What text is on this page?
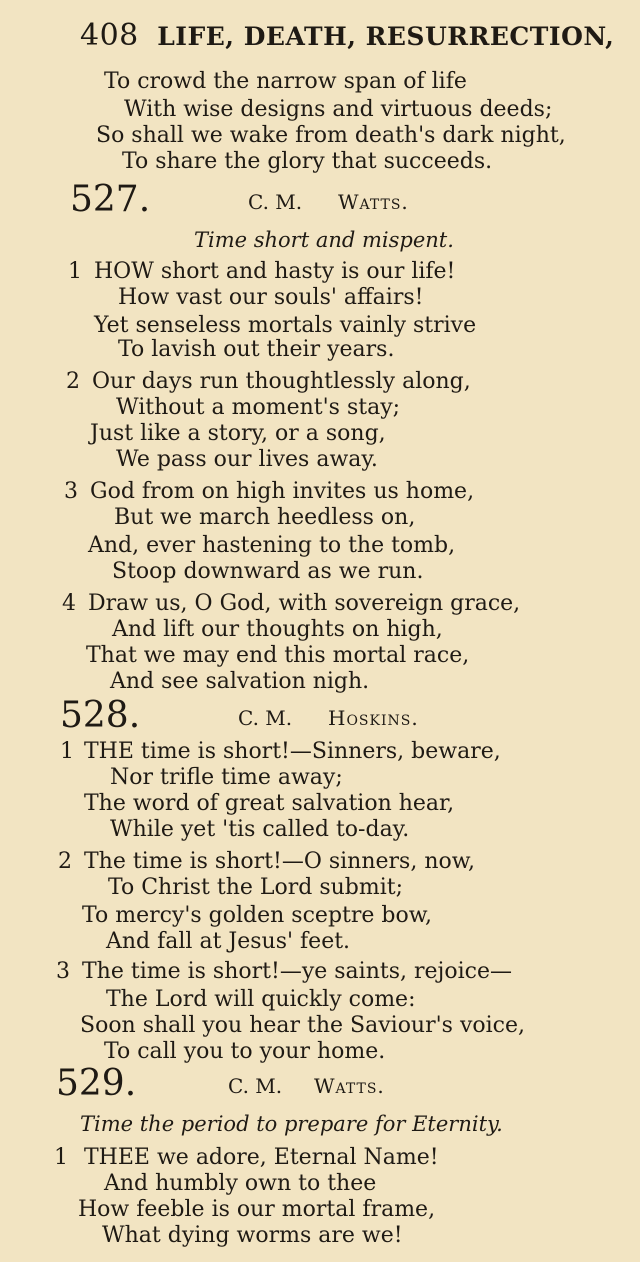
408 LIFE, DEATH, RESURRECTION,
To crowd the narrow span of life
With wise designs and virtuous deeds;
So shall we wake from death's dark night,
To share the glory that succeeds.
527.	C. M. Watts.
Time short and mispent.
1 HOW short and hasty is our life!
How vast our souls' affairs!
Yet senseless mortals vainly strive
To lavish out their years.
2 Our days run thoughtlessly along,
Without a moment's stay;
Just like a story, or a song,
We pass our lives away.
3 God from on high invites us home,
But we march heedless on,
And, ever hastening to the tomb,
Stoop downward as we run.
4 Draw us, O God, with sovereign grace,
And lift our thoughts on high,
That we may end this mortal race,
And see salvation nigh.
528.	C. M. Hoskins.
1 THE time is short!—Sinners, beware,
Nor trifle time away;
The word of great salvation hear,
While yet 'tis called to-day.
2 The time is short!—O sinners, now,
To Christ the Lord submit;
To mercy's golden sceptre bow,
And fall at Jesus' feet.
3 The time is short!—ye saints, rejoice—
The Lord will quickly come:
Soon shall you hear the Saviour's voice,
To call you to your home.
529.	C. M. Watts.
Time the period to prepare for Eternity.
1 THEE we adore, Eternal Name!
And humbly own to thee
How feeble is our mortal frame,
What dying worms are we!
